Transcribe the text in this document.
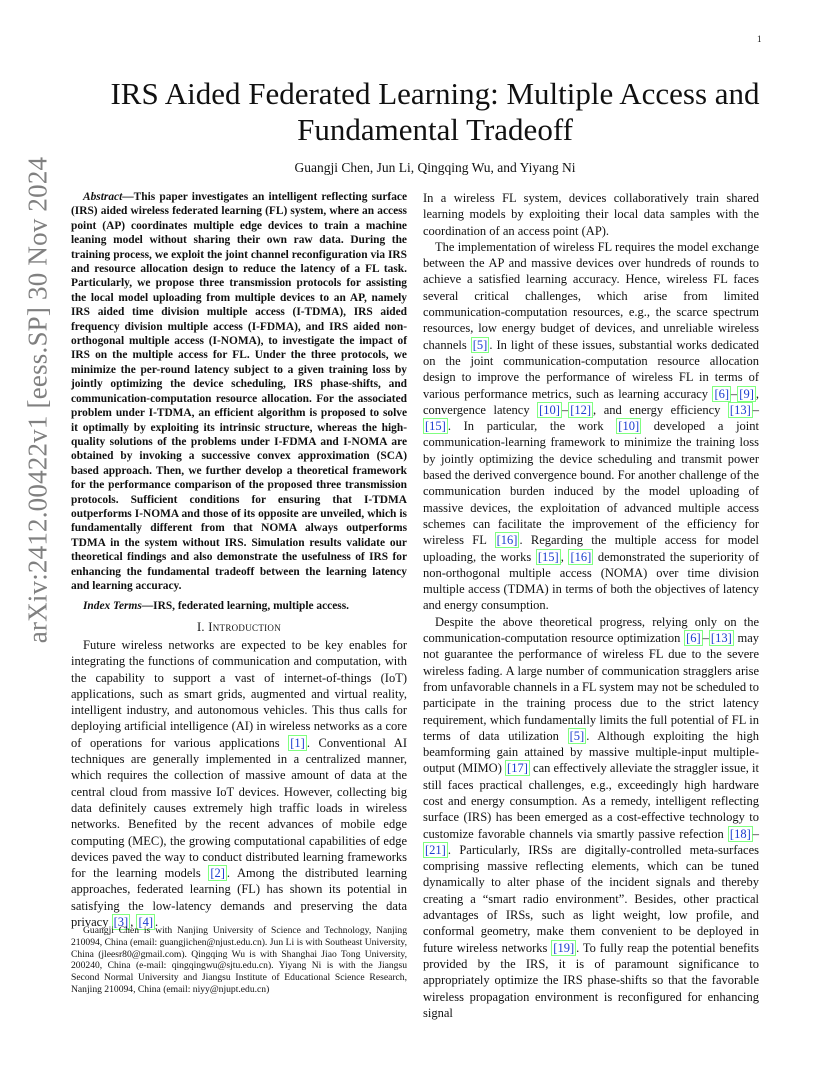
1
arXiv:2412.00422v1 [eess.SP] 30 Nov 2024
IRS Aided Federated Learning: Multiple Access and Fundamental Tradeoff
Guangji Chen, Jun Li, Qingqing Wu, and Yiyang Ni

Abstract—This paper investigates an intelligent reflecting surface (IRS) aided wireless federated learning (FL) system, where an access point (AP) coordinates multiple edge devices to train a machine leaning model without sharing their own raw data. During the training process, we exploit the joint channel reconfiguration via IRS and resource allocation design to reduce the latency of a FL task. Particularly, we propose three transmission protocols for assisting the local model uploading from multiple devices to an AP, namely IRS aided time division multiple access (I-TDMA), IRS aided frequency division multiple access (I-FDMA), and IRS aided non-orthogonal multiple access (I-NOMA), to investigate the impact of IRS on the multiple access for FL. Under the three protocols, we minimize the per-round latency subject to a given training loss by jointly optimizing the device scheduling, IRS phase-shifts, and communication-computation resource allocation. For the associated problem under I-TDMA, an efficient algorithm is proposed to solve it optimally by exploiting its intrinsic structure, whereas the high-quality solutions of the problems under I-FDMA and I-NOMA are obtained by invoking a successive convex approximation (SCA) based approach. Then, we further develop a theoretical framework for the performance comparison of the proposed three transmission protocols. Sufficient conditions for ensuring that I-TDMA outperforms I-NOMA and those of its opposite are unveiled, which is fundamentally different from that NOMA always outperforms TDMA in the system without IRS. Simulation results validate our theoretical findings and also demonstrate the usefulness of IRS for enhancing the fundamental tradeoff between the learning latency and learning accuracy.

Index Terms—IRS, federated learning, multiple access.

I. Introduction

Future wireless networks are expected to be key enables for integrating the functions of communication and computation, with the capability to support a vast of internet-of-things (IoT) applications, such as smart grids, augmented and virtual reality, intelligent industry, and autonomous vehicles. This thus calls for deploying artificial intelligence (AI) in wireless networks as a core of operations for various applications [1] . Conventional AI techniques are generally implemented in a centralized manner, which requires the collection of massive amount of data at the central cloud from massive IoT devices. However, collecting big data definitely causes extremely high traffic loads in wireless networks. Benefited by the recent advances of mobile edge computing (MEC), the growing computational capabilities of edge devices paved the way to conduct distributed learning frameworks for the learning models [2] . Among the distributed learning approaches, federated learning (FL) has shown its potential in satisfying the low-latency demands and preserving the data privacy [3] , [4] .

Guangji Chen is with Nanjing University of Science and Technology, Nanjing 210094, China (email: guangjichen@njust.edu.cn). Jun Li is with Southeast University, China (jleesr80@gmail.com). Qingqing Wu is with Shanghai Jiao Tong University, 200240, China (e-mail: qingqingwu@sjtu.edu.cn). Yiyang Ni is with the Jiangsu Second Normal University and Jiangsu Institute of Educational Science Research, Nanjing 210094, China (email: niyy@njupt.edu.cn)

In a wireless FL system, devices collaboratively train shared learning models by exploiting their local data samples with the coordination of an access point (AP).

The implementation of wireless FL requires the model exchange between the AP and massive devices over hundreds of rounds to achieve a satisfied learning accuracy. Hence, wireless FL faces several critical challenges, which arise from limited communication-computation resources, e.g., the scarce spectrum resources, low energy budget of devices, and unreliable wireless channels [5] . In light of these issues, substantial works dedicated on the joint communication-computation resource allocation design to improve the performance of wireless FL in terms of various performance metrics, such as learning accuracy [6] – [9] , convergence latency [10] – [12] , and energy efficiency [13] –[15] . In particular, the work [10] developed a joint communication-learning framework to minimize the training loss by jointly optimizing the device scheduling and transmit power based the derived convergence bound. For another challenge of the communication burden induced by the model uploading of massive devices, the exploitation of advanced multiple access schemes can facilitate the improvement of the efficiency for wireless FL [16] . Regarding the multiple access for model uploading, the works [15] , [16] demonstrated the superiority of non-orthogonal multiple access (NOMA) over time division multiple access (TDMA) in terms of both the objectives of latency and energy consumption.

Despite the above theoretical progress, relying only on the communication-computation resource optimization [6] – [13] may not guarantee the performance of wireless FL due to the severe wireless fading. A large number of communication stragglers arise from unfavorable channels in a FL system may not be scheduled to participate in the training process due to the strict latency requirement, which fundamentally limits the full potential of FL in terms of data utilization [5] . Although exploiting the high beamforming gain attained by massive multiple-input multiple-output (MIMO) [17] can effectively alleviate the straggler issue, it still faces practical challenges, e.g., exceedingly high hardware cost and energy consumption. As a remedy, intelligent reflecting surface (IRS) has been emerged as a cost-effective technology to customize favorable channels via smartly passive refection [18] –[21] . Particularly, IRSs are digitally-controlled meta-surfaces comprising massive reflecting elements, which can be tuned dynamically to alter phase of the incident signals and thereby creating a “smart radio environment”. Besides, other practical advantages of IRSs, such as light weight, low profile, and conformal geometry, make them convenient to be deployed in future wireless networks [19] . To fully reap the potential benefits provided by the IRS, it is of paramount significance to appropriately optimize the IRS phase-shifts so that the favorable wireless propagation environment is reconfigured for enhancing signal
